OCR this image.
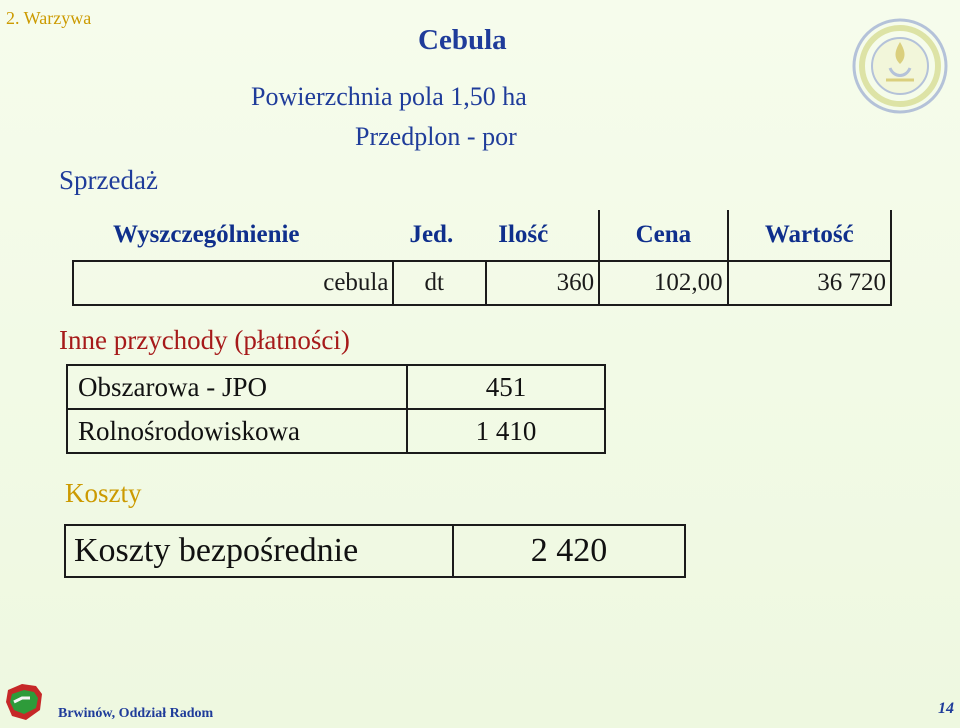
2. Warzywa
Cebula
Powierzchnia pola 1,50 ha
Przedplon - por
Sprzedaż
Wyszczególnienie	Jed.	Ilość	Cena	Wartość
cebula	dt	360	102,00	36 720
Inne przychody (płatności)
Obszarowa - JPO	451
Rolnośrodowiskowa	1 410
Koszty
Koszty bezpośrednie	2 420
Brwinów, Oddział Radom	14
